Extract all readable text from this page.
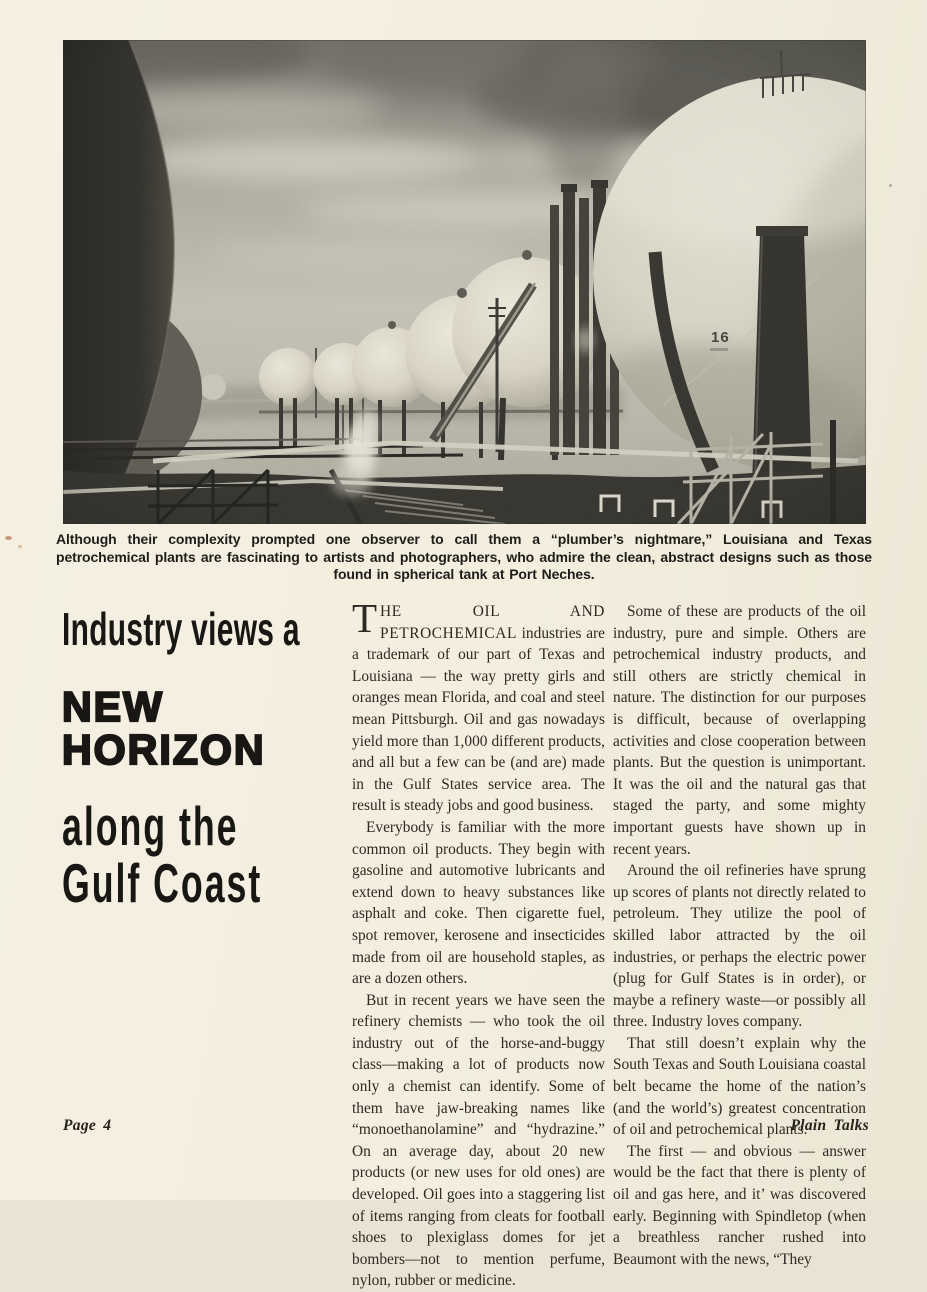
Although their complexity prompted one observer to call them a “plumber’s nightmare,” Louisiana and Texas petrochemical plants are fascinating to artists and photographers, who admire the clean, abstract designs such as those found in spherical tank at Port Neches.

Industry views a
NEW
HORIZON
along the
Gulf Coast

THE OIL AND PETROCHEMICAL industries are a trademark of our part of Texas and Louisiana — the way pretty girls and oranges mean Florida, and coal and steel mean Pittsburgh. Oil and gas nowadays yield more than 1,000 different products, and all but a few can be (and are) made in the Gulf States service area. The result is steady jobs and good business.

Everybody is familiar with the more common oil products. They begin with gasoline and automotive lubricants and extend down to heavy substances like asphalt and coke. Then cigarette fuel, spot remover, kerosene and insecticides made from oil are household staples, as are a dozen others.

But in recent years we have seen the refinery chemists — who took the oil industry out of the horse-and-buggy class—making a lot of products now only a chemist can identify. Some of them have jaw-breaking names like “monoethanolamine” and “hydrazine.” On an average day, about 20 new products (or new uses for old ones) are developed. Oil goes into a staggering list of items ranging from cleats for football shoes to plexiglass domes for jet bombers—not to mention perfume, nylon, rubber or medicine.

Some of these are products of the oil industry, pure and simple. Others are petrochemical industry products, and still others are strictly chemical in nature. The distinction for our purposes is difficult, because of overlapping activities and close cooperation between plants. But the question is unimportant. It was the oil and the natural gas that staged the party, and some mighty important guests have shown up in recent years.

Around the oil refineries have sprung up scores of plants not directly related to petroleum. They utilize the pool of skilled labor attracted by the oil industries, or perhaps the electric power (plug for Gulf States is in order), or maybe a refinery waste—or possibly all three. Industry loves company.

That still doesn’t explain why the South Texas and South Louisiana coastal belt became the home of the nation’s (and the world’s) greatest concentration of oil and petrochemical plants.

The first — and obvious — answer would be the fact that there is plenty of oil and gas here, and it’ was discovered early. Beginning with Spindletop (when a breathless rancher rushed into Beaumont with the news, “They

Page 4	Plain Talks
